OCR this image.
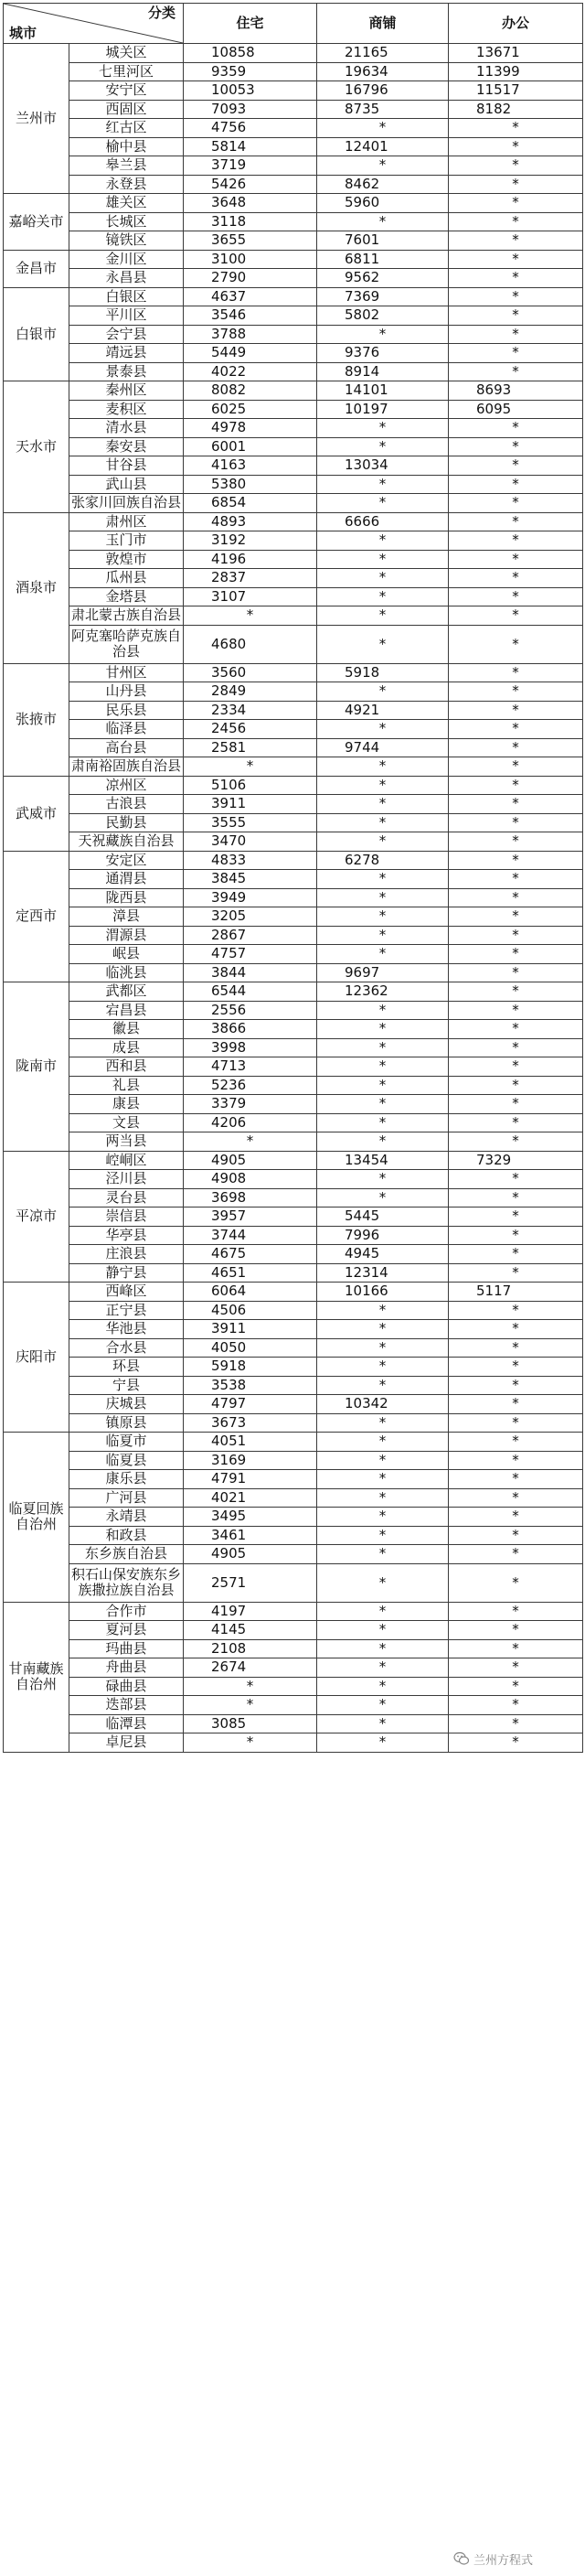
分类
城市		住宅	商铺	办公
兰州市	城关区	10858	21165	13671
	七里河区	9359	19634	11399
	安宁区	10053	16796	11517
	西固区	7093	8735	8182
	红古区	4756	*	*
	榆中县	5814	12401	*
	皋兰县	3719	*	*
	永登县	5426	8462	*
嘉峪关市	雄关区	3648	5960	*
	长城区	3118	*	*
	镜铁区	3655	7601	*
金昌市	金川区	3100	6811	*
	永昌县	2790	9562	*
白银市	白银区	4637	7369	*
	平川区	3546	5802	*
	会宁县	3788	*	*
	靖远县	5449	9376	*
	景泰县	4022	8914	*
天水市	秦州区	8082	14101	8693
	麦积区	6025	10197	6095
	清水县	4978	*	*
	秦安县	6001	*	*
	甘谷县	4163	13034	*
	武山县	5380	*	*
	张家川回族自治县	6854	*	*
酒泉市	肃州区	4893	6666	*
	玉门市	3192	*	*
	敦煌市	4196	*	*
	瓜州县	2837	*	*
	金塔县	3107	*	*
	肃北蒙古族自治县	*	*	*
	阿克塞哈萨克族自治县	4680	*	*
张掖市	甘州区	3560	5918	*
	山丹县	2849	*	*
	民乐县	2334	4921	*
	临泽县	2456	*	*
	高台县	2581	9744	*
	肃南裕固族自治县	*	*	*
武威市	凉州区	5106	*	*
	古浪县	3911	*	*
	民勤县	3555	*	*
	天祝藏族自治县	3470	*	*
定西市	安定区	4833	6278	*
	通渭县	3845	*	*
	陇西县	3949	*	*
	漳县	3205	*	*
	渭源县	2867	*	*
	岷县	4757	*	*
	临洮县	3844	9697	*
陇南市	武都区	6544	12362	*
	宕昌县	2556	*	*
	徽县	3866	*	*
	成县	3998	*	*
	西和县	4713	*	*
	礼县	5236	*	*
	康县	3379	*	*
	文县	4206	*	*
	两当县	*	*	*
平凉市	崆峒区	4905	13454	7329
	泾川县	4908	*	*
	灵台县	3698	*	*
	崇信县	3957	5445	*
	华亭县	3744	7996	*
	庄浪县	4675	4945	*
	静宁县	4651	12314	*
庆阳市	西峰区	6064	10166	5117
	正宁县	4506	*	*
	华池县	3911	*	*
	合水县	4050	*	*
	环县	5918	*	*
	宁县	3538	*	*
	庆城县	4797	10342	*
	镇原县	3673	*	*
临夏回族自治州	临夏市	4051	*	*
	临夏县	3169	*	*
	康乐县	4791	*	*
	广河县	4021	*	*
	永靖县	3495	*	*
	和政县	3461	*	*
	东乡族自治县	4905	*	*
	积石山保安族东乡族撒拉族自治县	2571	*	*
甘南藏族自治州	合作市	4197	*	*
	夏河县	4145	*	*
	玛曲县	2108	*	*
	舟曲县	2674	*	*
	碌曲县	*	*	*
	迭部县	*	*	*
	临潭县	3085	*	*
	卓尼县	*	*	*
兰州方程式
